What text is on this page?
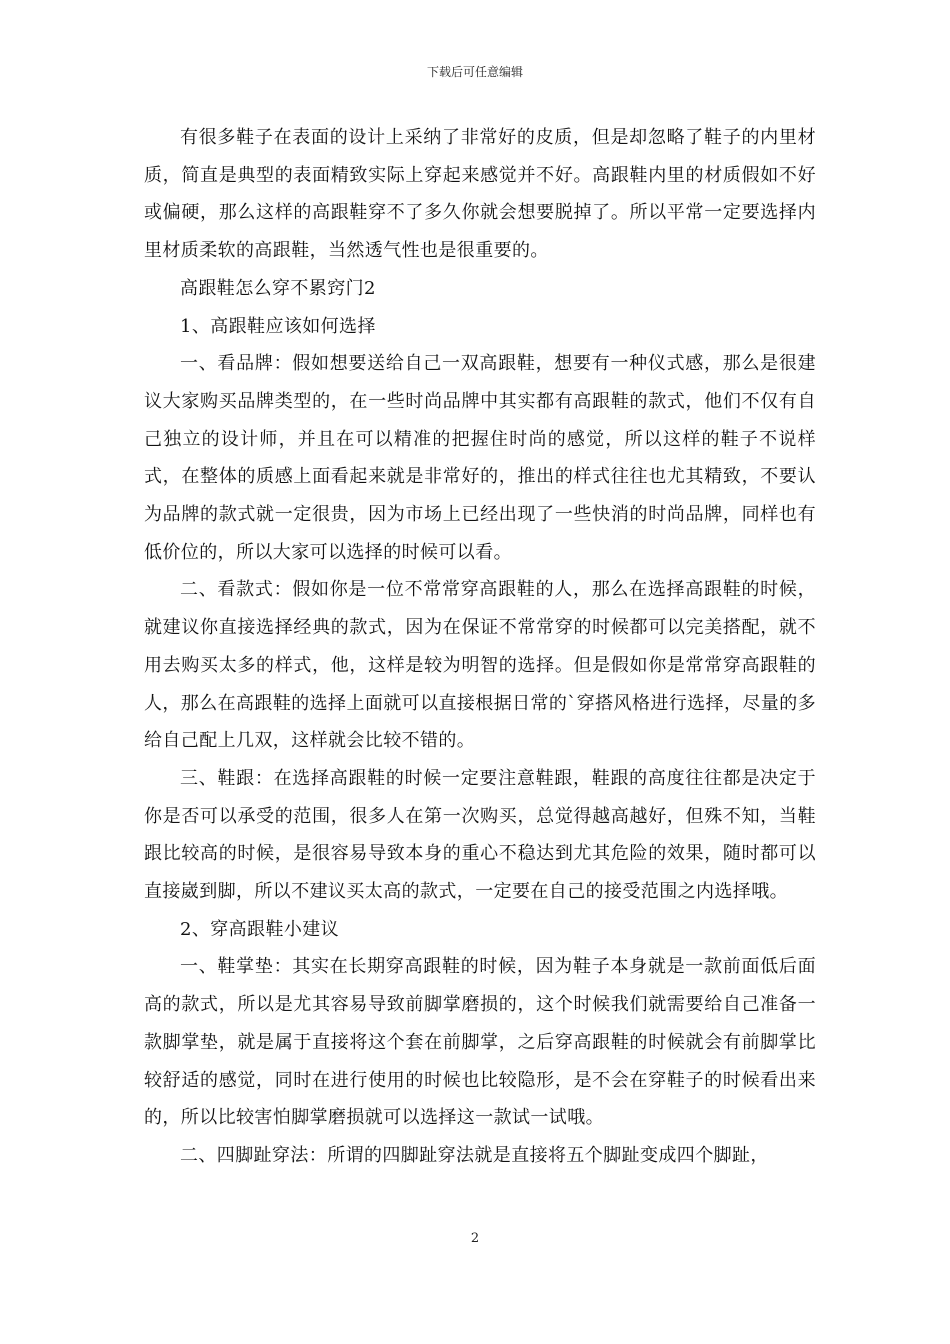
下载后可任意编辑

有很多鞋子在表面的设计上采纳了非常好的皮质，但是却忽略了鞋子的内里材质，简直是典型的表面精致实际上穿起来感觉并不好。高跟鞋内里的材质假如不好或偏硬，那么这样的高跟鞋穿不了多久你就会想要脱掉了。所以平常一定要选择内里材质柔软的高跟鞋，当然透气性也是很重要的。

高跟鞋怎么穿不累窍门2

1、高跟鞋应该如何选择

一、看品牌：假如想要送给自己一双高跟鞋，想要有一种仪式感，那么是很建议大家购买品牌类型的，在一些时尚品牌中其实都有高跟鞋的款式，他们不仅有自己独立的设计师，并且在可以精准的把握住时尚的感觉，所以这样的鞋子不说样式，在整体的质感上面看起来就是非常好的，推出的样式往往也尤其精致，不要认为品牌的款式就一定很贵，因为市场上已经出现了一些快消的时尚品牌，同样也有低价位的，所以大家可以选择的时候可以看。

二、看款式：假如你是一位不常常穿高跟鞋的人，那么在选择高跟鞋的时候，就建议你直接选择经典的款式，因为在保证不常常穿的时候都可以完美搭配，就不用去购买太多的样式，他，这样是较为明智的选择。但是假如你是常常穿高跟鞋的人，那么在高跟鞋的选择上面就可以直接根据日常的`穿搭风格进行选择，尽量的多给自己配上几双，这样就会比较不错的。

三、鞋跟：在选择高跟鞋的时候一定要注意鞋跟，鞋跟的高度往往都是决定于你是否可以承受的范围，很多人在第一次购买，总觉得越高越好，但殊不知，当鞋跟比较高的时候，是很容易导致本身的重心不稳达到尤其危险的效果，随时都可以直接崴到脚，所以不建议买太高的款式，一定要在自己的接受范围之内选择哦。

2、穿高跟鞋小建议

一、鞋掌垫：其实在长期穿高跟鞋的时候，因为鞋子本身就是一款前面低后面高的款式，所以是尤其容易导致前脚掌磨损的，这个时候我们就需要给自己准备一款脚掌垫，就是属于直接将这个套在前脚掌，之后穿高跟鞋的时候就会有前脚掌比较舒适的感觉，同时在进行使用的时候也比较隐形，是不会在穿鞋子的时候看出来的，所以比较害怕脚掌磨损就可以选择这一款试一试哦。

二、四脚趾穿法：所谓的四脚趾穿法就是直接将五个脚趾变成四个脚趾，

2
